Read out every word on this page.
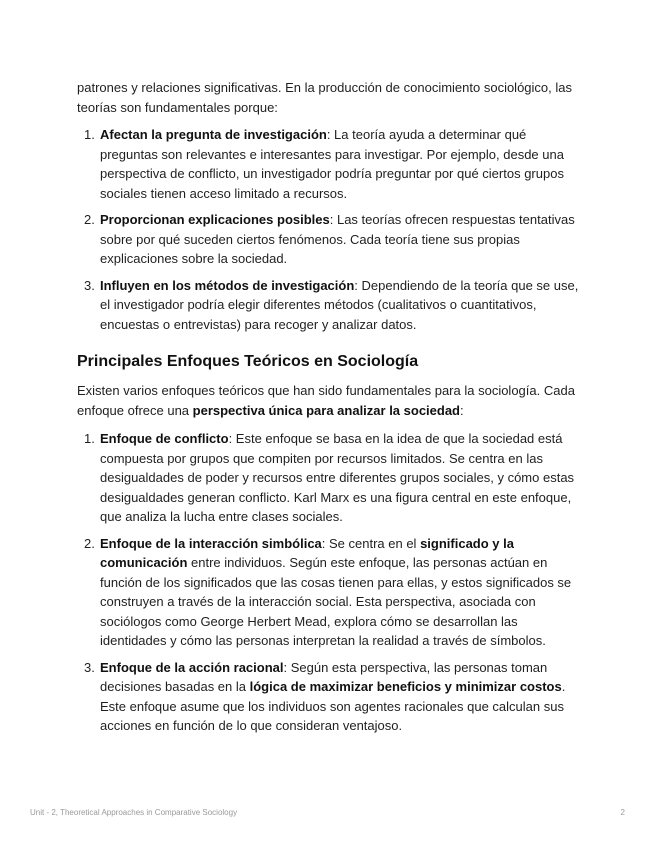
patrones y relaciones significativas. En la producción de conocimiento sociológico, las teorías son fundamentales porque:

1. Afectan la pregunta de investigación: La teoría ayuda a determinar qué preguntas son relevantes e interesantes para investigar. Por ejemplo, desde una perspectiva de conflicto, un investigador podría preguntar por qué ciertos grupos sociales tienen acceso limitado a recursos.
2. Proporcionan explicaciones posibles: Las teorías ofrecen respuestas tentativas sobre por qué suceden ciertos fenómenos. Cada teoría tiene sus propias explicaciones sobre la sociedad.
3. Influyen en los métodos de investigación: Dependiendo de la teoría que se use, el investigador podría elegir diferentes métodos (cualitativos o cuantitativos, encuestas o entrevistas) para recoger y analizar datos.
Principales Enfoques Teóricos en Sociología

Existen varios enfoques teóricos que han sido fundamentales para la sociología. Cada enfoque ofrece una perspectiva única para analizar la sociedad:

1. Enfoque de conflicto: Este enfoque se basa en la idea de que la sociedad está compuesta por grupos que compiten por recursos limitados. Se centra en las desigualdades de poder y recursos entre diferentes grupos sociales, y cómo estas desigualdades generan conflicto. Karl Marx es una figura central en este enfoque, que analiza la lucha entre clases sociales.
2. Enfoque de la interacción simbólica: Se centra en el significado y la comunicación entre individuos. Según este enfoque, las personas actúan en función de los significados que las cosas tienen para ellas, y estos significados se construyen a través de la interacción social. Esta perspectiva, asociada con sociólogos como George Herbert Mead, explora cómo se desarrollan las identidades y cómo las personas interpretan la realidad a través de símbolos.
3. Enfoque de la acción racional: Según esta perspectiva, las personas toman decisiones basadas en la lógica de maximizar beneficios y minimizar costos. Este enfoque asume que los individuos son agentes racionales que calculan sus acciones en función de lo que consideran ventajoso.
Unit - 2, Theoretical Approaches in Comparative Sociology	2
